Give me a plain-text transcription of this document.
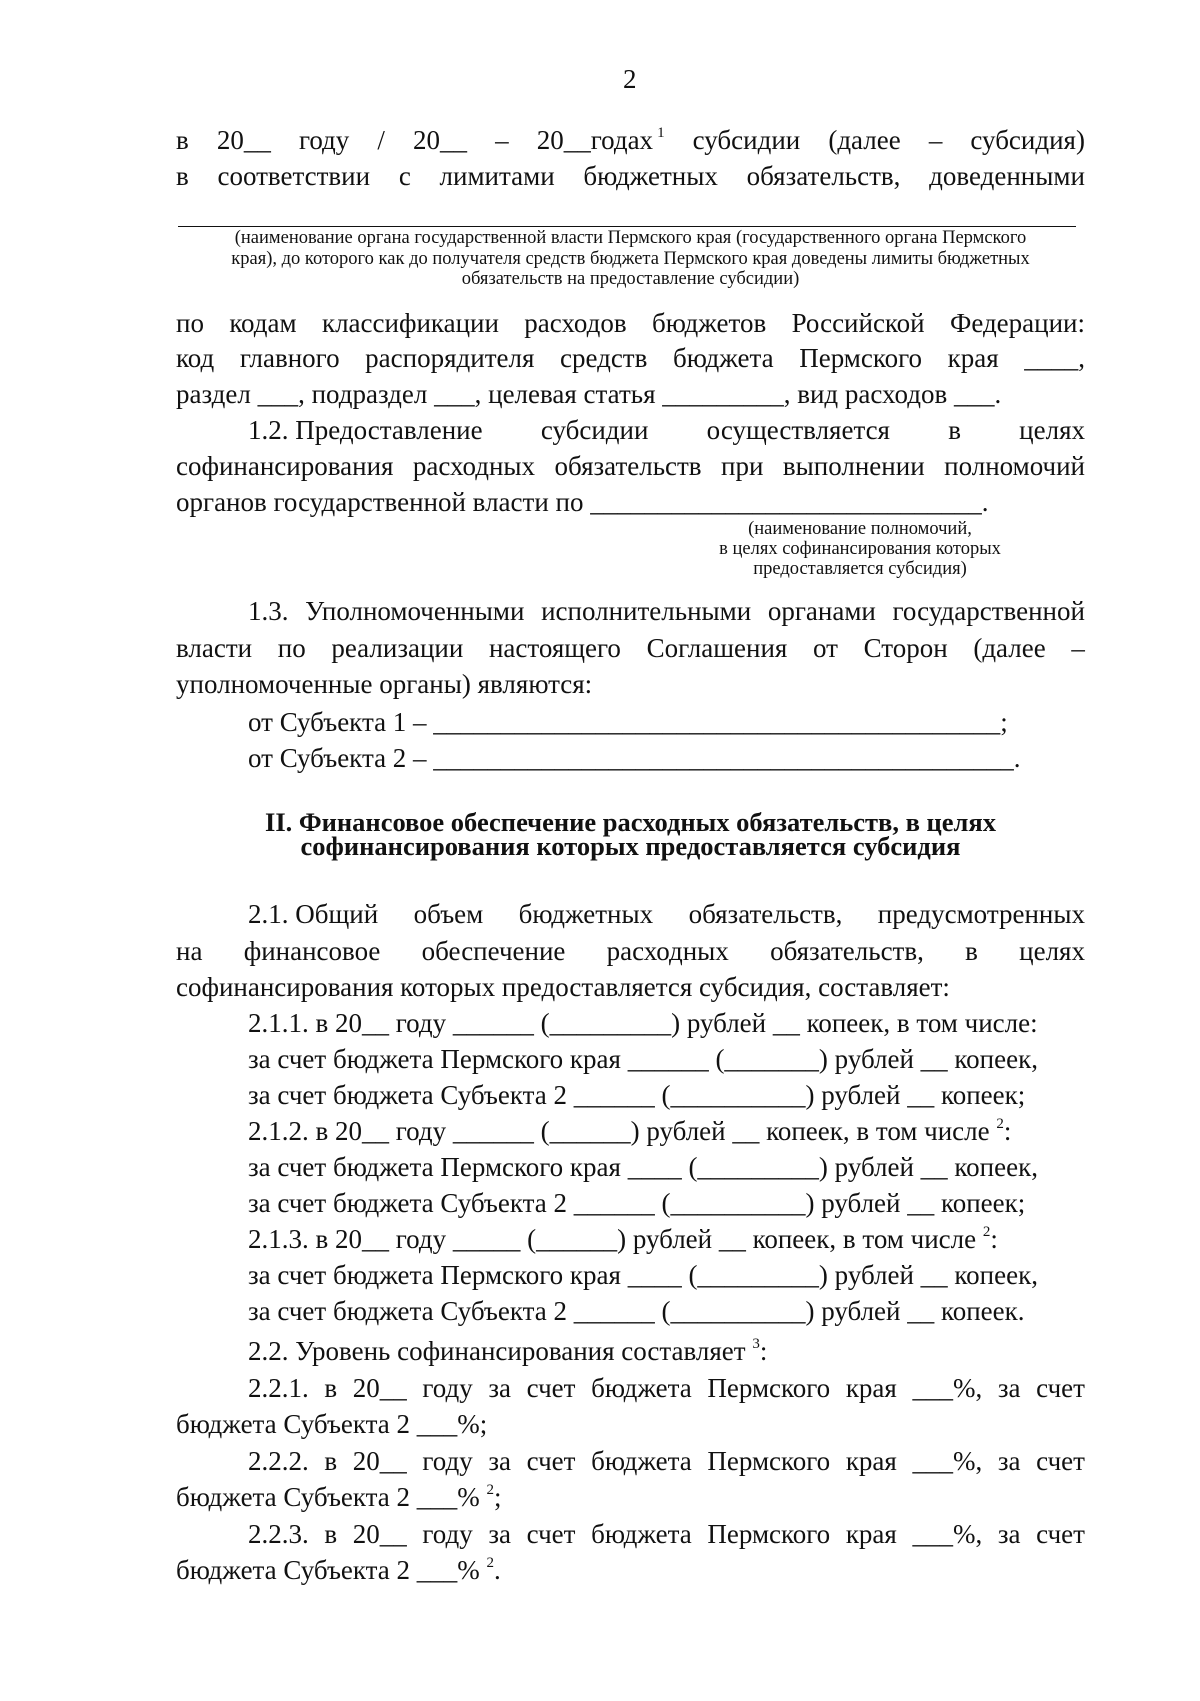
2
в 20__ году / 20__ – 20__годах $^1$ субсидии (далее – субсидия)
в соответствии с лимитами бюджетных обязательств, доведенными
(наименование органа государственной власти Пермского края (государственного органа Пермского
края), до которого как до получателя средств бюджета Пермского края доведены лимиты бюджетных
обязательств на предоставление субсидии)
по кодам классификации расходов бюджетов Российской Федерации:
код главного распорядителя средств бюджета Пермского края ____,
раздел ___, подраздел ___, целевая статья _________, вид расходов ___.
1.2. Предоставление субсидии осуществляется в целях
софинансирования расходных обязательств при выполнении полномочий
органов государственной власти по _____________________________.
(наименование полномочий,
в целях софинансирования которых
предоставляется субсидия)
1.3. Уполномоченными исполнительными органами государственной
власти по реализации настоящего Соглашения от Сторон (далее –
уполномоченные органы) являются:
от Субъекта 1 – __________________________________________;
от Субъекта 2 – ___________________________________________.
II. Финансовое обеспечение расходных обязательств, в целях
софинансирования которых предоставляется субсидия
2.1. Общий объем бюджетных обязательств, предусмотренных
на финансовое обеспечение расходных обязательств, в целях
софинансирования которых предоставляется субсидия, составляет:
2.1.1. в 20__ году ______ (_________) рублей __ копеек, в том числе:
за счет бюджета Пермского края ______ (_______) рублей __ копеек,
за счет бюджета Субъекта 2 ______ (__________) рублей __ копеек;
2.1.2. в 20__ году ______ (______) рублей __ копеек, в том числе $^2$:
за счет бюджета Пермского края ____ (_________) рублей __ копеек,
за счет бюджета Субъекта 2 ______ (__________) рублей __ копеек;
2.1.3. в 20__ году _____ (______) рублей __ копеек, в том числе $^2$:
за счет бюджета Пермского края ____ (_________) рублей __ копеек,
за счет бюджета Субъекта 2 ______ (__________) рублей __ копеек.
2.2. Уровень софинансирования составляет $^3$:
2.2.1. в 20__ году за счет бюджета Пермского края ___%, за счет
бюджета Субъекта 2 ___%;
2.2.2. в 20__ году за счет бюджета Пермского края ___%, за счет
бюджета Субъекта 2 ___% $^2$;
2.2.3. в 20__ году за счет бюджета Пермского края ___%, за счет
бюджета Субъекта 2 ___% $^2$.
